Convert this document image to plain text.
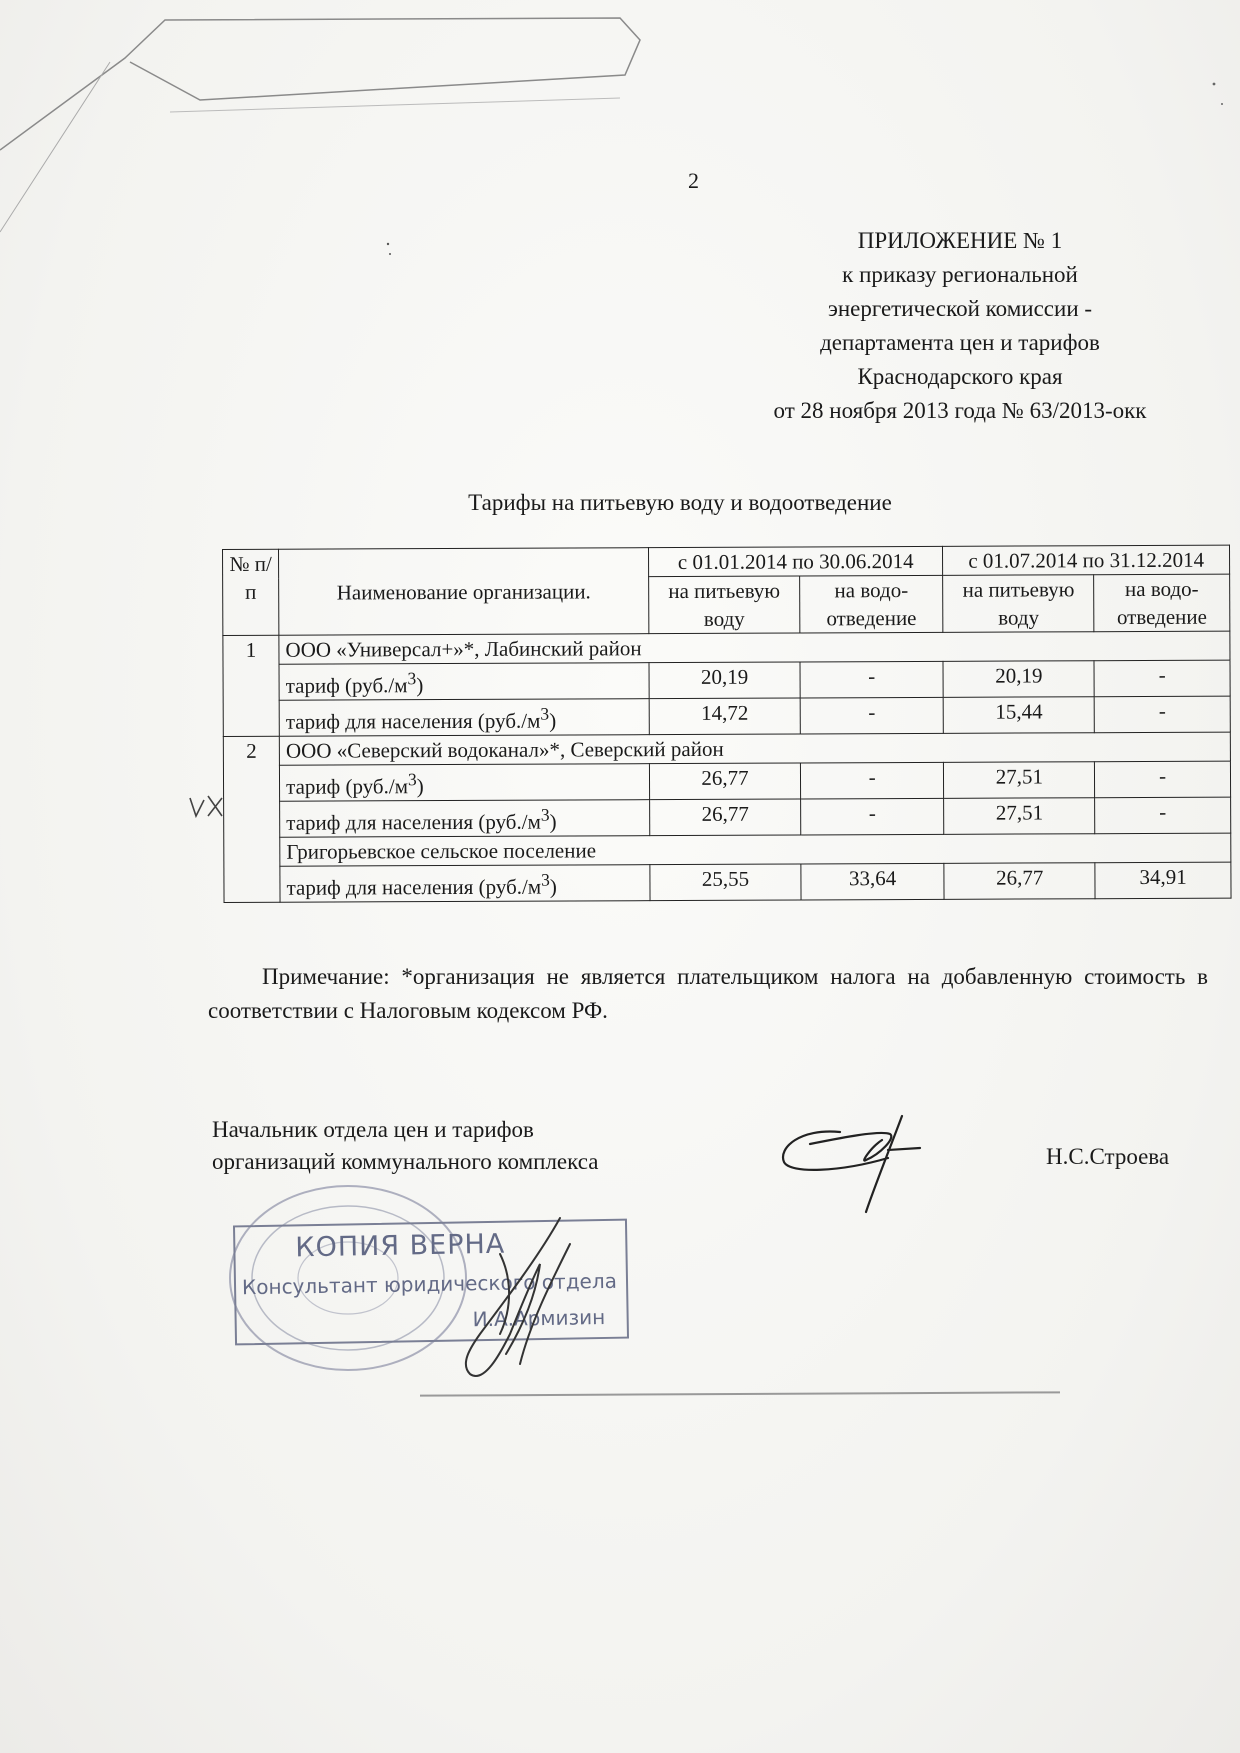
2
ПРИЛОЖЕНИЕ № 1
к приказу региональной
энергетической комиссии -
департамента цен и тарифов
Краснодарского края
от 28 ноября 2013 года № 63/2013-окк
Тарифы на питьевую воду и водоотведение
№ п/п	Наименование организации.	с 01.01.2014 по 30.06.2014		с 01.07.2014 по 31.12.2014	
		на питьевую воду	на водо-отведение	на питьевую воду	на водо-отведение
1	ООО «Универсал+»*, Лабинский район				
	тариф $(руб./м^3)$	20,19	-	20,19	-
	тариф для населения $(руб./м^3)$	14,72	-	15,44	-
2	ООО «Северский водоканал»*, Северский район				
	тариф $(руб./м^3)$	26,77	-	27,51	-
	тариф для населения $(руб./м^3)$	26,77	-	27,51	-
	Григорьевское сельское поселение				
	тариф для населения $(руб./м^3)$	25,55	33,64	26,77	34,91
Примечание: *организация не является плательщиком налога на добавленную стоимость в соответствии с Налоговым кодексом РФ.
Начальник отдела цен и тарифов
организаций коммунального комплекса	Н.С.Строева
КОПИЯ ВЕРНА
Консультант юридического отдела
И.А.Армизин
